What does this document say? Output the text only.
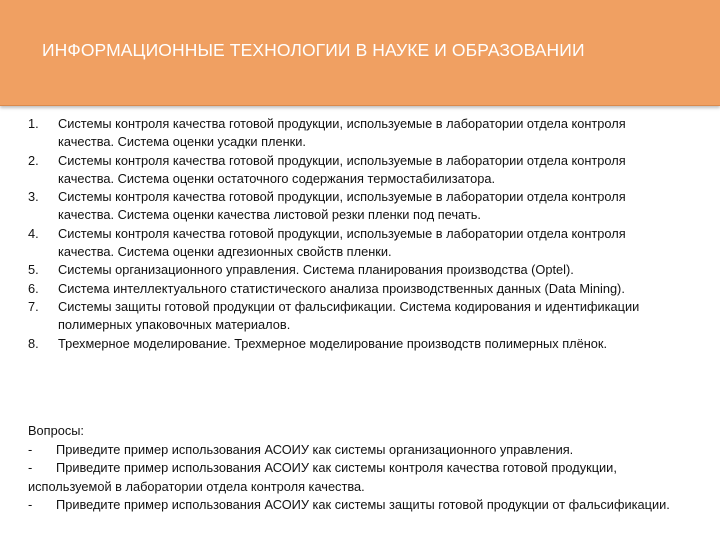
ИНФОРМАЦИОННЫЕ ТЕХНОЛОГИИ В НАУКЕ И ОБРАЗОВАНИИ
1. Системы контроля качества готовой продукции, используемые в лаборатории отдела контроля качества. Система оценки усадки пленки.
2. Системы контроля качества готовой продукции, используемые в лаборатории отдела контроля качества. Система оценки остаточного содержания термостабилизатора.
3. Системы контроля качества готовой продукции, используемые в лаборатории отдела контроля качества. Система оценки качества листовой резки пленки под печать.
4. Системы контроля качества готовой продукции, используемые в лаборатории отдела контроля качества. Система оценки адгезионных свойств пленки.
5. Системы организационного управления. Система планирования производства (Optel).
6. Система интеллектуального статистического анализа производственных данных (Data Mining).
7. Системы защиты готовой продукции от фальсификации. Система кодирования и идентификации полимерных упаковочных материалов.
8. Трехмерное моделирование. Трехмерное моделирование производств полимерных плёнок.

Вопросы:

- Приведите пример использования АСОИУ как системы организационного управления.

- Приведите пример использования АСОИУ как системы контроля качества готовой продукции, используемой в лаборатории отдела контроля качества.

- Приведите пример использования АСОИУ как системы защиты готовой продукции от фальсификации.
